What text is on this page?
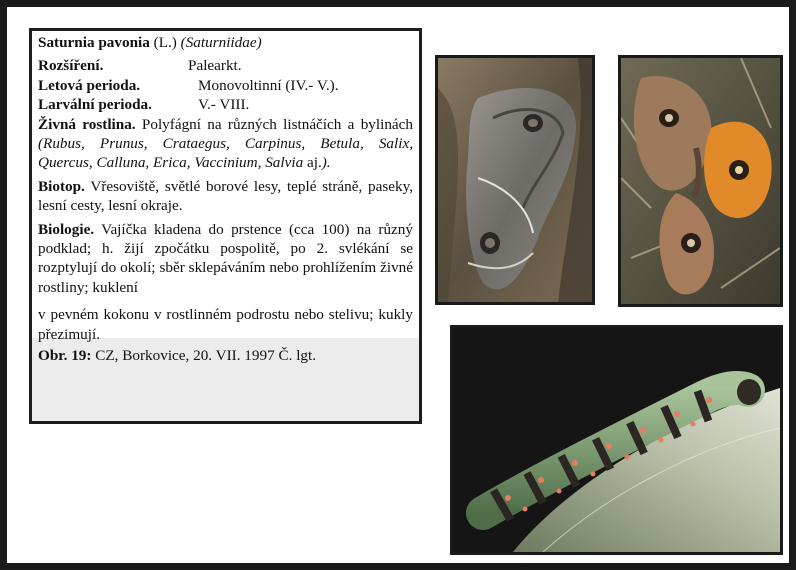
Saturnia pavonia (L.) (Saturniidae)

Rozšíření.	Palearkt.

Letová perioda.	Monovoltinní (IV.- V.).

Larvální perioda.	V.- VIII.

Živná rostlina. Polyfágní na různých listnáčích a bylinách (Rubus, Prunus, Crataegus, Carpinus, Betula, Salix, Quercus, Calluna, Erica, Vaccinium, Salvia aj.).

Biotop. Vřesoviště, světlé borové lesy, teplé stráně, paseky, lesní cesty, lesní okraje.

Biologie. Vajíčka kladena do prstence (cca 100) na různý podklad; h. žijí zpočátku pospolitě, po 2. svlékání se rozptylují do okolí; sběr sklepáváním nebo prohlížením živné rostliny; kuklení

v pevném kokonu v rostlinném podrostu nebo stelivu; kukly přezimují.

Obr. 19: CZ, Borkovice, 20. VII. 1997 Č. lgt.
